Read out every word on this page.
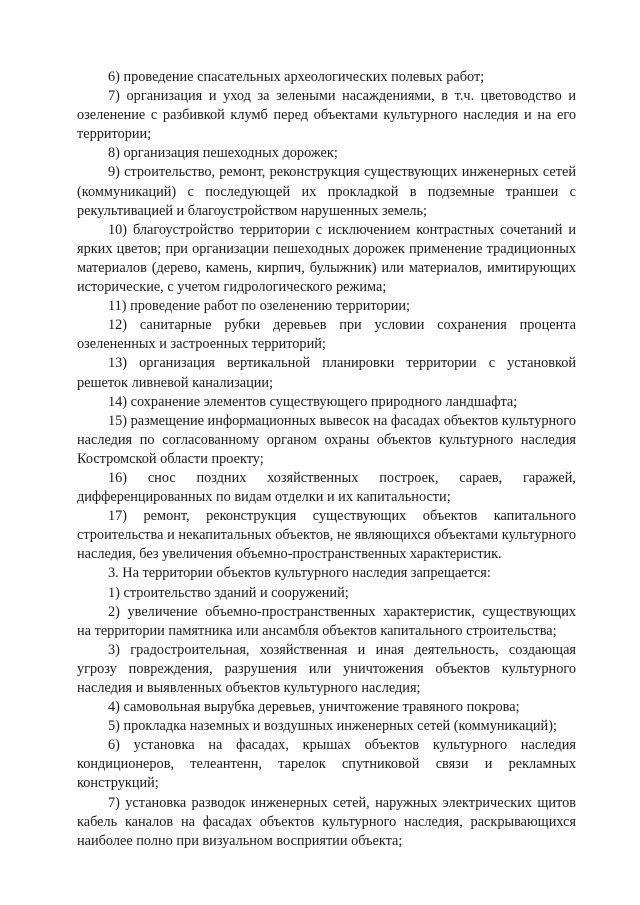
6) проведение спасательных археологических полевых работ;

7) организация и уход за зелеными насаждениями, в т.ч. цветоводство и озеленение с разбивкой клумб перед объектами культурного наследия и на его территории;

8) организация пешеходных дорожек;

9) строительство, ремонт, реконструкция существующих инженерных сетей (коммуникаций) с последующей их прокладкой в подземные траншеи с рекультивацией и благоустройством нарушенных земель;

10) благоустройство территории с исключением контрастных сочетаний и ярких цветов; при организации пешеходных дорожек применение традиционных материалов (дерево, камень, кирпич, булыжник) или материалов, имитирующих исторические, с учетом гидрологического режима;

11) проведение работ по озеленению территории;

12) санитарные рубки деревьев при условии сохранения процента озелененных и застроенных территорий;

13) организация вертикальной планировки территории с установкой решеток ливневой канализации;

14) сохранение элементов существующего природного ландшафта;

15) размещение информационных вывесок на фасадах объектов культурного наследия по согласованному органом охраны объектов культурного наследия Костромской области проекту;

16) снос поздних хозяйственных построек, сараев, гаражей, дифференцированных по видам отделки и их капитальности;

17) ремонт, реконструкция существующих объектов капитального строительства и некапитальных объектов, не являющихся объектами культурного наследия, без увеличения объемно-пространственных характеристик.

3. На территории объектов культурного наследия запрещается:

1) строительство зданий и сооружений;

2) увеличение объемно-пространственных характеристик, существующих на территории памятника или ансамбля объектов капитального строительства;

3) градостроительная, хозяйственная и иная деятельность, создающая угрозу повреждения, разрушения или уничтожения объектов культурного наследия и выявленных объектов культурного наследия;

4) самовольная вырубка деревьев, уничтожение травяного покрова;

5) прокладка наземных и воздушных инженерных сетей (коммуникаций);

6) установка на фасадах, крышах объектов культурного наследия кондиционеров, телеантенн, тарелок спутниковой связи и рекламных конструкций;

7) установка разводок инженерных сетей, наружных электрических щитов кабель каналов на фасадах объектов культурного наследия, раскрывающихся наиболее полно при визуальном восприятии объекта;
